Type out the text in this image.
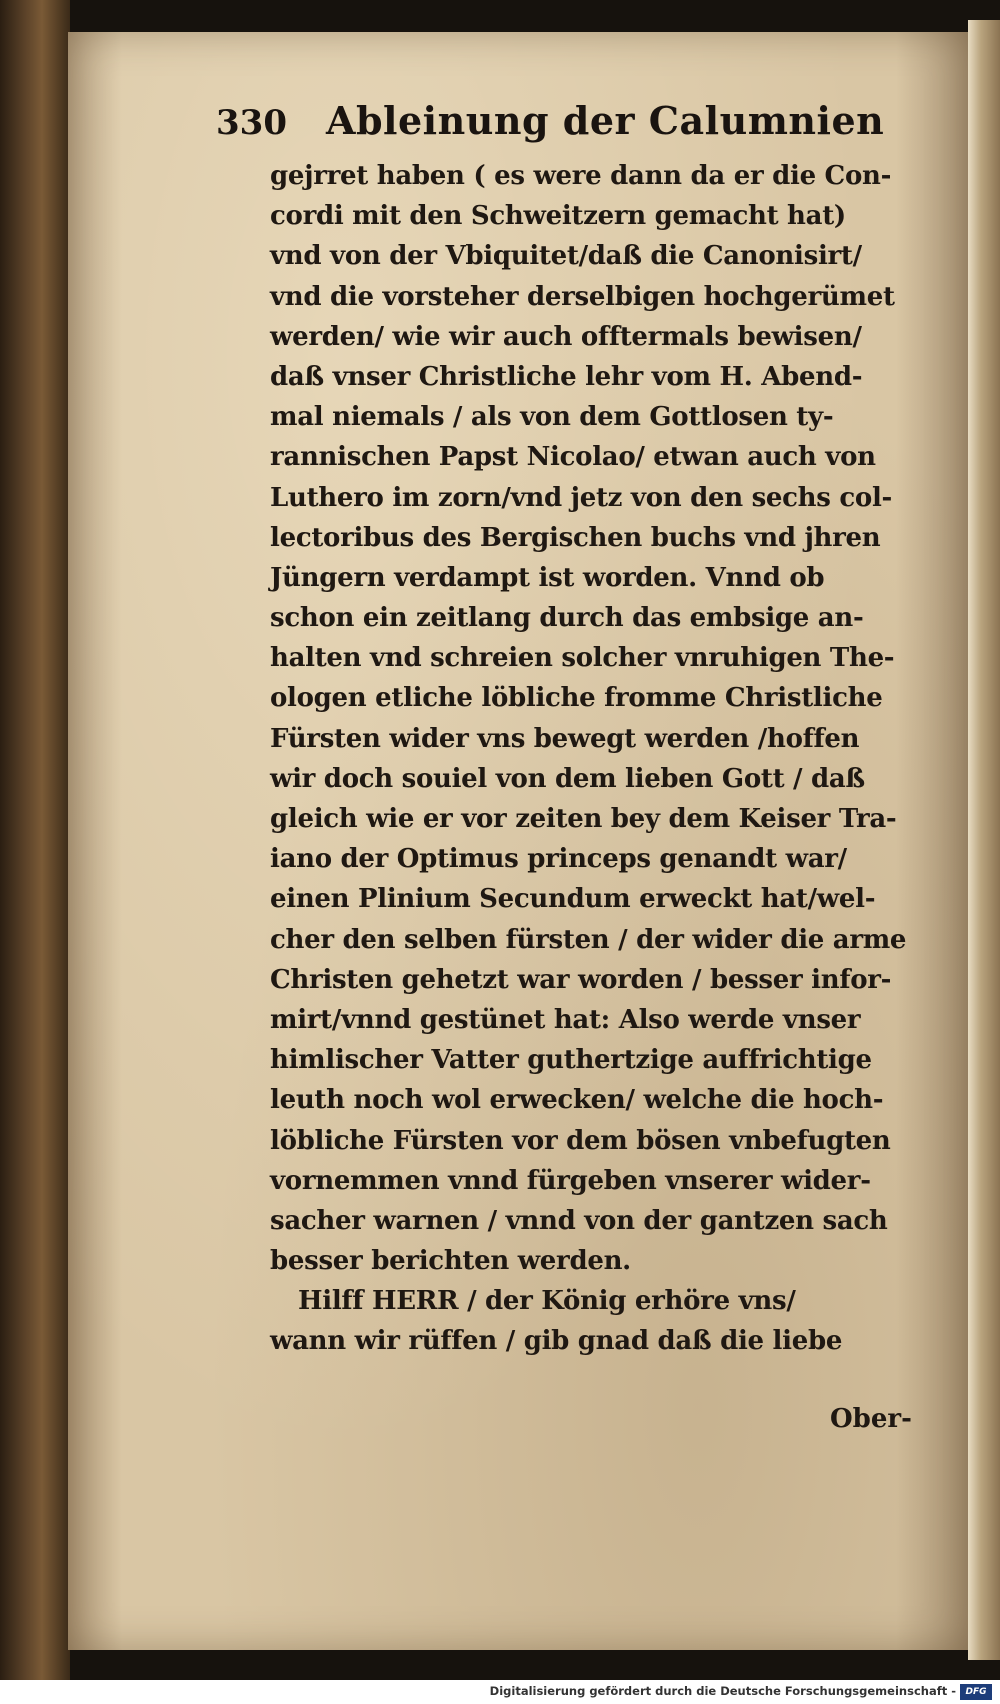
330	Ableinung der Calumnien
gejrret haben ( es were dann da er die Con-
cordi mit den Schweitzern gemacht hat)
vnd von der Vbiquitet/daß die Canonisirt/
vnd die vorsteher derselbigen hochgerümet
werden/ wie wir auch offtermals bewisen/
daß vnser Christliche lehr vom H. Abend-
mal niemals / als von dem Gottlosen ty-
rannischen Papst Nicolao/ etwan auch von
Luthero im zorn/vnd jetz von den sechs col-
lectoribus des Bergischen buchs vnd jhren
Jüngern verdampt ist worden. Vnnd ob
schon ein zeitlang durch das embsige an-
halten vnd schreien solcher vnruhigen The-
ologen etliche löbliche fromme Christliche
Fürsten wider vns bewegt werden /hoffen
wir doch souiel von dem lieben Gott / daß
gleich wie er vor zeiten bey dem Keiser Tra-
iano der Optimus princeps genandt war/
einen Plinium Secundum erweckt hat/wel-
cher den selben fürsten / der wider die arme
Christen gehetzt war worden / besser infor-
mirt/vnnd gestünet hat: Also werde vnser
himlischer Vatter guthertzige auffrichtige
leuth noch wol erwecken/ welche die hoch-
löbliche Fürsten vor dem bösen vnbefugten
vornemmen vnnd fürgeben vnserer wider-
sacher warnen / vnnd von der gantzen sach
besser berichten werden.
Hilff HERR / der König erhöre vns/
wann wir rüffen / gib gnad daß die liebe
Ober-
Digitalisierung gefördert durch die Deutsche Forschungsgemeinschaft -	DFG
